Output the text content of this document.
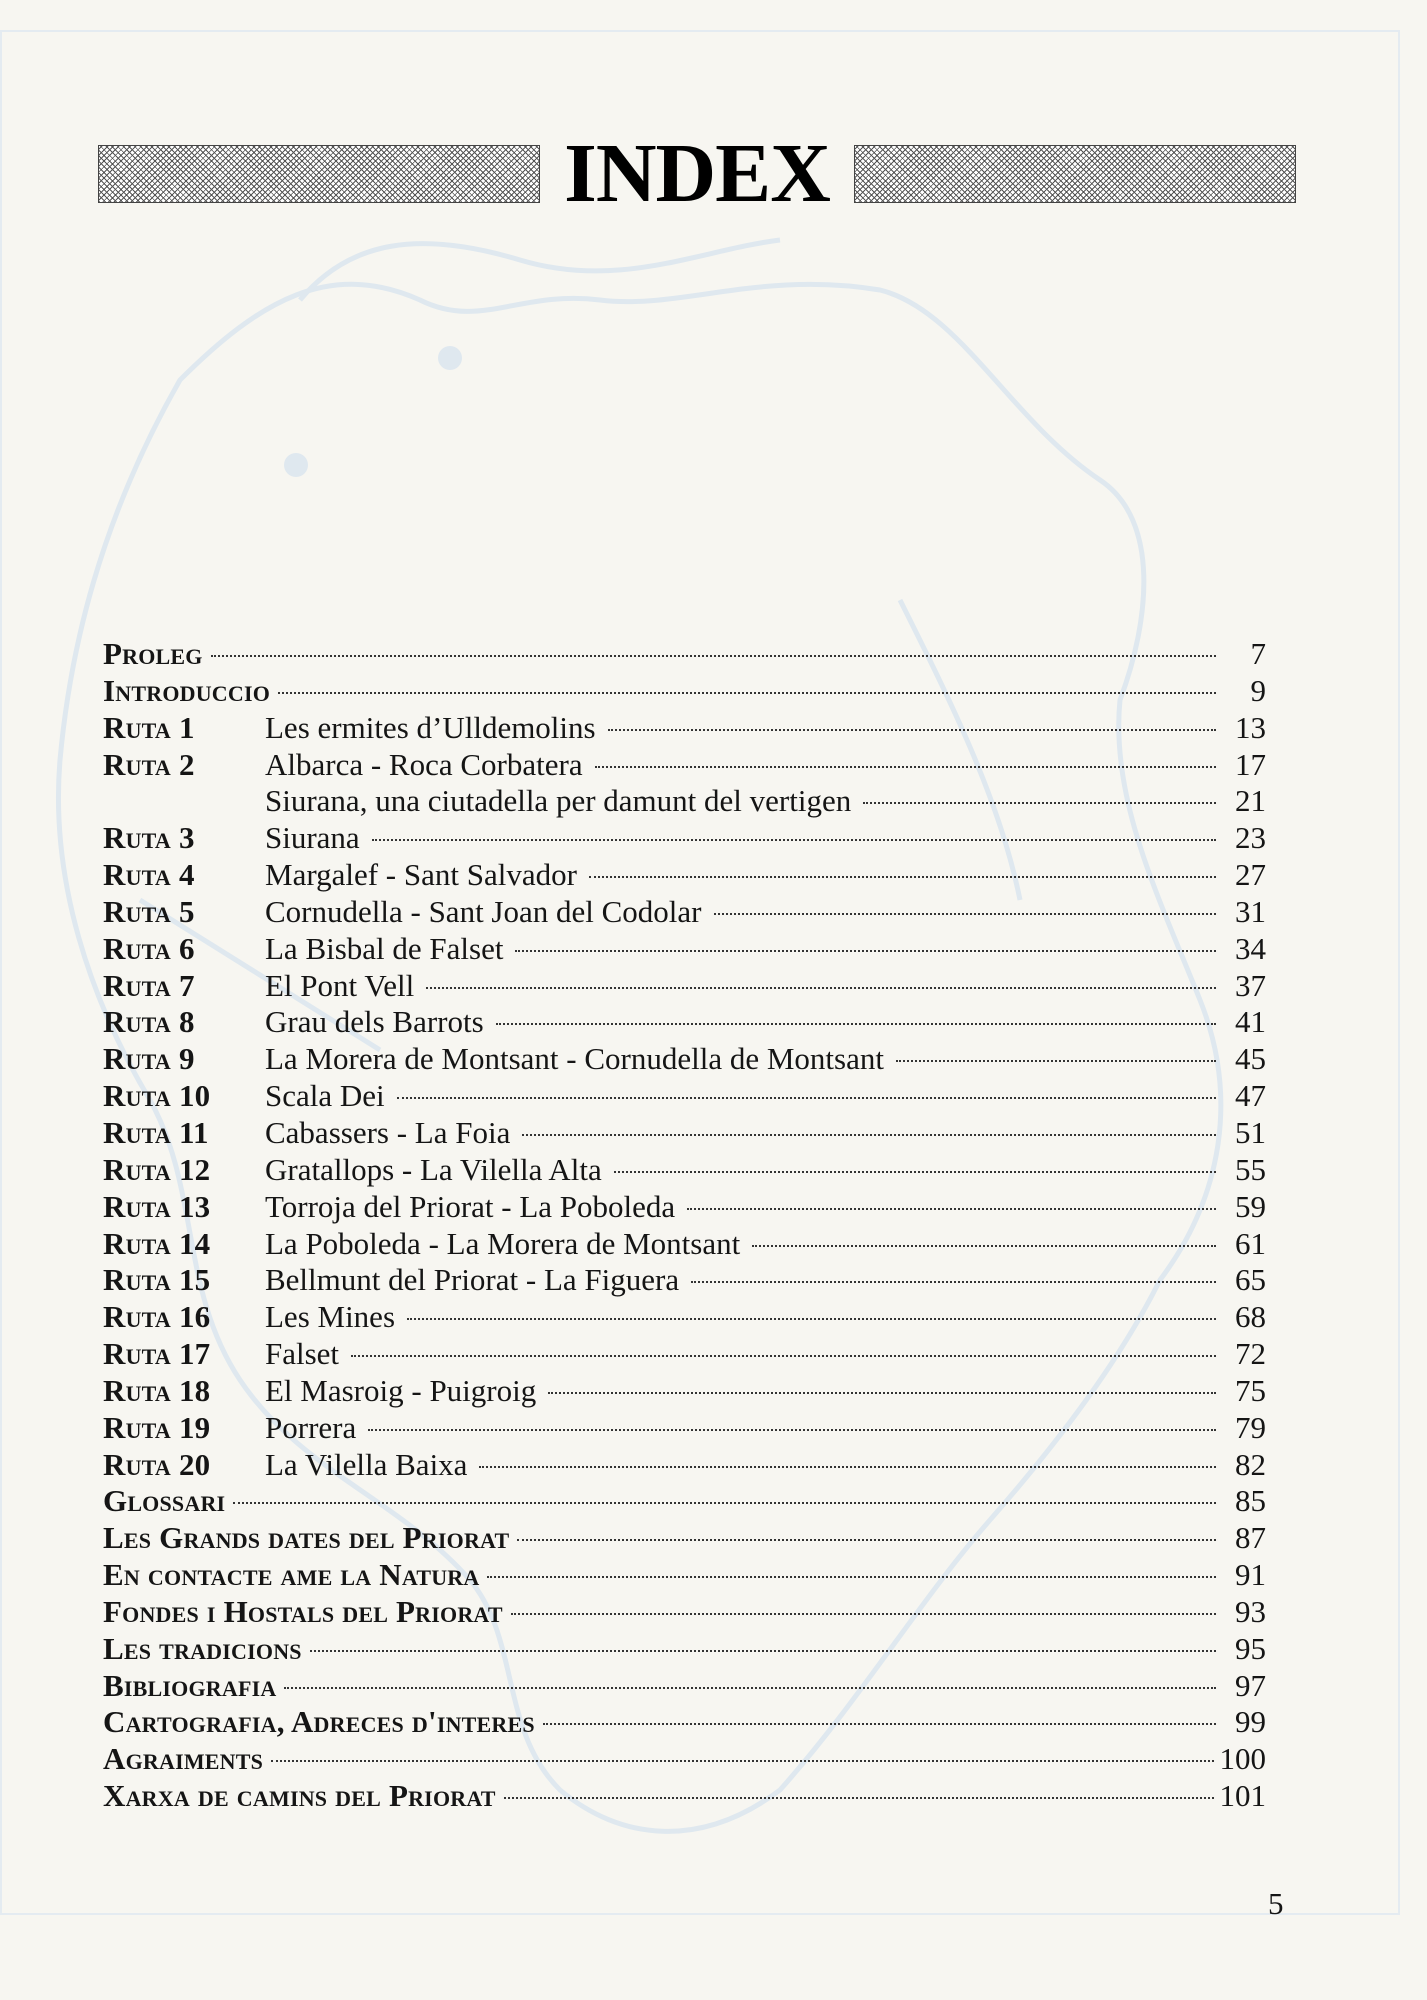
INDEX
Proleg	7
Introduccio	9
Ruta 1	Les ermites d’Ulldemolins	13
Ruta 2	Albarca - Roca Corbatera	17
Siurana, una ciutadella per damunt del vertigen	21
Ruta 3	Siurana	23
Ruta 4	Margalef - Sant Salvador	27
Ruta 5	Cornudella - Sant Joan del Codolar	31
Ruta 6	La Bisbal de Falset	34
Ruta 7	El Pont Vell	37
Ruta 8	Grau dels Barrots	41
Ruta 9	La Morera de Montsant - Cornudella de Montsant	45
Ruta 10	Scala Dei	47
Ruta 11	Cabassers - La Foia	51
Ruta 12	Gratallops - La Vilella Alta	55
Ruta 13	Torroja del Priorat - La Poboleda	59
Ruta 14	La Poboleda - La Morera de Montsant	61
Ruta 15	Bellmunt del Priorat - La Figuera	65
Ruta 16	Les Mines	68
Ruta 17	Falset	72
Ruta 18	El Masroig - Puigroig	75
Ruta 19	Porrera	79
Ruta 20	La Vilella Baixa	82
Glossari	85
Les Grands dates del Priorat	87
En contacte ame la Natura	91
Fondes i Hostals del Priorat	93
Les tradicions	95
Bibliografia	97
Cartografia, Adreces d'interes	99
Agraiments	100
Xarxa de camins del Priorat	101
5
